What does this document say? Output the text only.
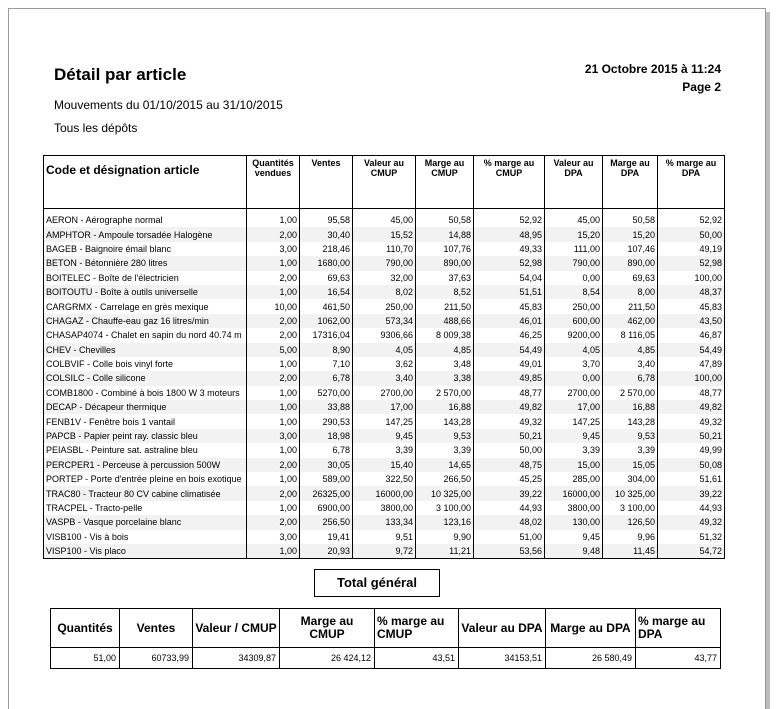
Détail par article	21 Octobre 2015 à 11:24
Page 2
Mouvements du 01/10/2015 au 31/10/2015
Tous les dépôts
Code et désignation article	Quantités vendues	Ventes	Valeur au CMUP	Marge au CMUP	% marge au CMUP	Valeur au DPA	Marge au DPA	% marge au DPA
AERON - Aérographe normal	1,00	95,58	45,00	50,58	52,92	45,00	50,58	52,92
AMPHTOR - Ampoule torsadée Halogène	2,00	30,40	15,52	14,88	48,95	15,20	15,20	50,00
BAGEB - Baignoire émail blanc	3,00	218,46	110,70	107,76	49,33	111,00	107,46	49,19
BETON - Bétonnière 280 litres	1,00	1680,00	790,00	890,00	52,98	790,00	890,00	52,98
BOITELEC - Boîte de l'électricien	2,00	69,63	32,00	37,63	54,04	0,00	69,63	100,00
BOITOUTU - Boîte à outils universelle	1,00	16,54	8,02	8,52	51,51	8,54	8,00	48,37
CARGRMX - Carrelage en grès mexique	10,00	461,50	250,00	211,50	45,83	250,00	211,50	45,83
CHAGAZ - Chauffe-eau gaz 16 litres/min	2,00	1062,00	573,34	488,66	46,01	600,00	462,00	43,50
CHASAP4074 - Chalet en sapin du nord 40.74 m	2,00	17316,04	9306,66	8 009,38	46,25	9200,00	8 116,05	46,87
CHEV - Chevilles	5,00	8,90	4,05	4,85	54,49	4,05	4,85	54,49
COLBVIF - Colle bois vinyl forte	1,00	7,10	3,62	3,48	49,01	3,70	3,40	47,89
COLSILC - Colle silicone	2,00	6,78	3,40	3,38	49,85	0,00	6,78	100,00
COMB1800 - Combiné à bois 1800 W 3 moteurs	1,00	5270,00	2700,00	2 570,00	48,77	2700,00	2 570,00	48,77
DECAP - Décapeur thermique	1,00	33,88	17,00	16,88	49,82	17,00	16,88	49,82
FENB1V - Fenêtre bois 1 vantail	1,00	290,53	147,25	143,28	49,32	147,25	143,28	49,32
PAPCB - Papier peint ray. classic bleu	3,00	18,98	9,45	9,53	50,21	9,45	9,53	50,21
PEIASBL - Peinture sat. astraline bleu	1,00	6,78	3,39	3,39	50,00	3,39	3,39	49,99
PERCPER1 - Perceuse à percussion 500W	2,00	30,05	15,40	14,65	48,75	15,00	15,05	50,08
PORTEP - Porte d'entrée pleine en bois exotique	1,00	589,00	322,50	266,50	45,25	285,00	304,00	51,61
TRAC80 - Tracteur 80 CV cabine climatisée	2,00	26325,00	16000,00	10 325,00	39,22	16000,00	10 325,00	39,22
TRACPEL - Tracto-pelle	1,00	6900,00	3800,00	3 100,00	44,93	3800,00	3 100,00	44,93
VASPB - Vasque porcelaine blanc	2,00	256,50	133,34	123,16	48,02	130,00	126,50	49,32
VISB100 - Vis à bois	3,00	19,41	9,51	9,90	51,00	9,45	9,96	51,32
VISP100 - Vis placo	1,00	20,93	9,72	11,21	53,56	9,48	11,45	54,72
Total général
Quantités	Ventes	Valeur / CMUP	Marge au CMUP	% marge au CMUP	Valeur au DPA	Marge au DPA	% marge au DPA
51,00	60733,99	34309,87	26 424,12	43,51	34153,51	26 580,49	43,77
